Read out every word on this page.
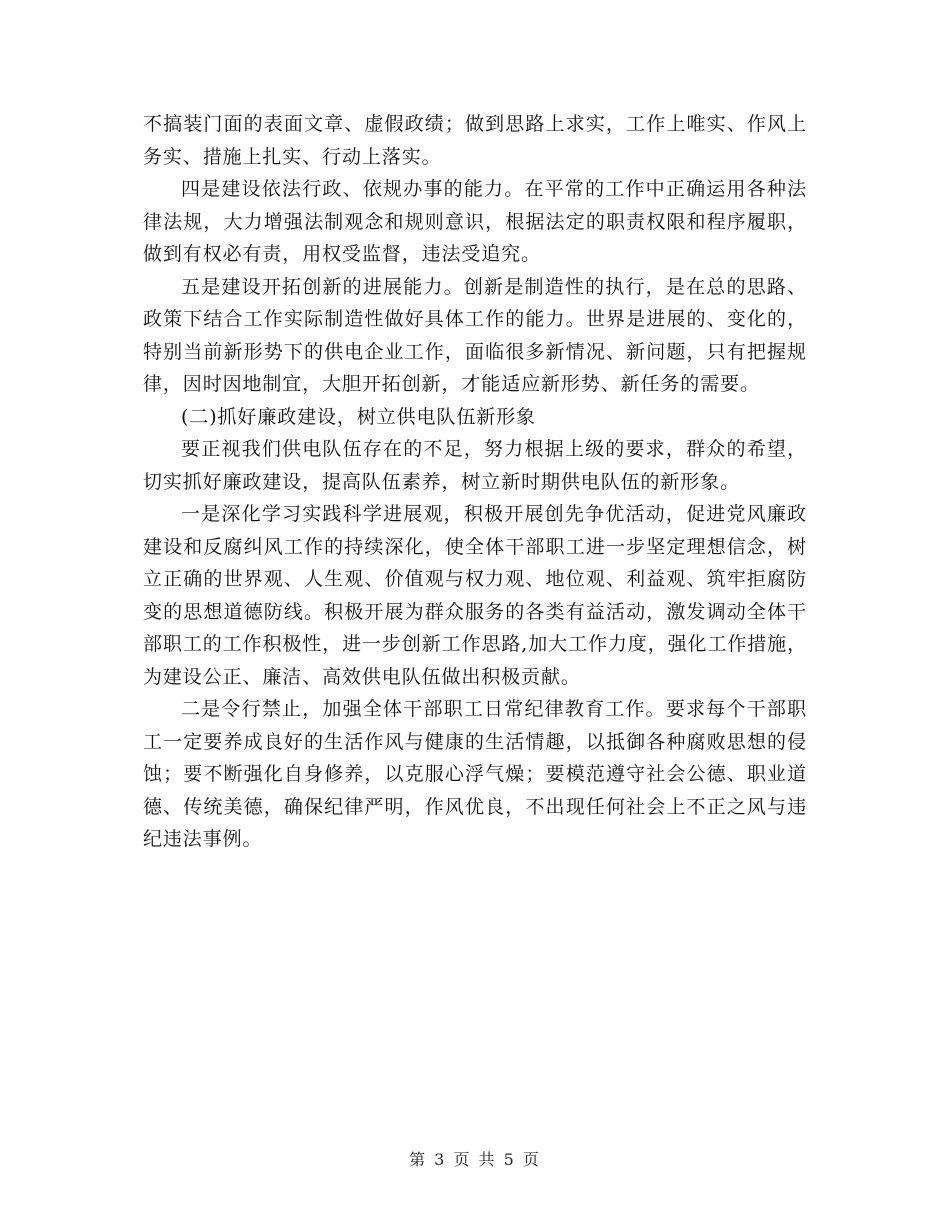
不搞装门面的表面文章、虚假政绩；做到思路上求实，工作上唯实、作风上务实、措施上扎实、行动上落实。

四是建设依法行政、依规办事的能力。在平常的工作中正确运用各种法律法规，大力增强法制观念和规则意识，根据法定的职责权限和程序履职，做到有权必有责，用权受监督，违法受追究。

五是建设开拓创新的进展能力。创新是制造性的执行，是在总的思路、政策下结合工作实际制造性做好具体工作的能力。世界是进展的、变化的，特别当前新形势下的供电企业工作，面临很多新情况、新问题，只有把握规律，因时因地制宜，大胆开拓创新，才能适应新形势、新任务的需要。

(二)抓好廉政建设，树立供电队伍新形象

要正视我们供电队伍存在的不足，努力根据上级的要求，群众的希望，切实抓好廉政建设，提高队伍素养，树立新时期供电队伍的新形象。

一是深化学习实践科学进展观，积极开展创先争优活动，促进党风廉政建设和反腐纠风工作的持续深化，使全体干部职工进一步坚定理想信念，树立正确的世界观、人生观、价值观与权力观、地位观、利益观、筑牢拒腐防变的思想道德防线。积极开展为群众服务的各类有益活动，激发调动全体干部职工的工作积极性，进一步创新工作思路,加大工作力度，强化工作措施，为建设公正、廉洁、高效供电队伍做出积极贡献。

二是令行禁止，加强全体干部职工日常纪律教育工作。要求每个干部职工一定要养成良好的生活作风与健康的生活情趣，以抵御各种腐败思想的侵蚀；要不断强化自身修养，以克服心浮气燥；要模范遵守社会公德、职业道德、传统美德，确保纪律严明，作风优良，不出现任何社会上不正之风与违纪违法事例。

第 3 页 共 5 页
